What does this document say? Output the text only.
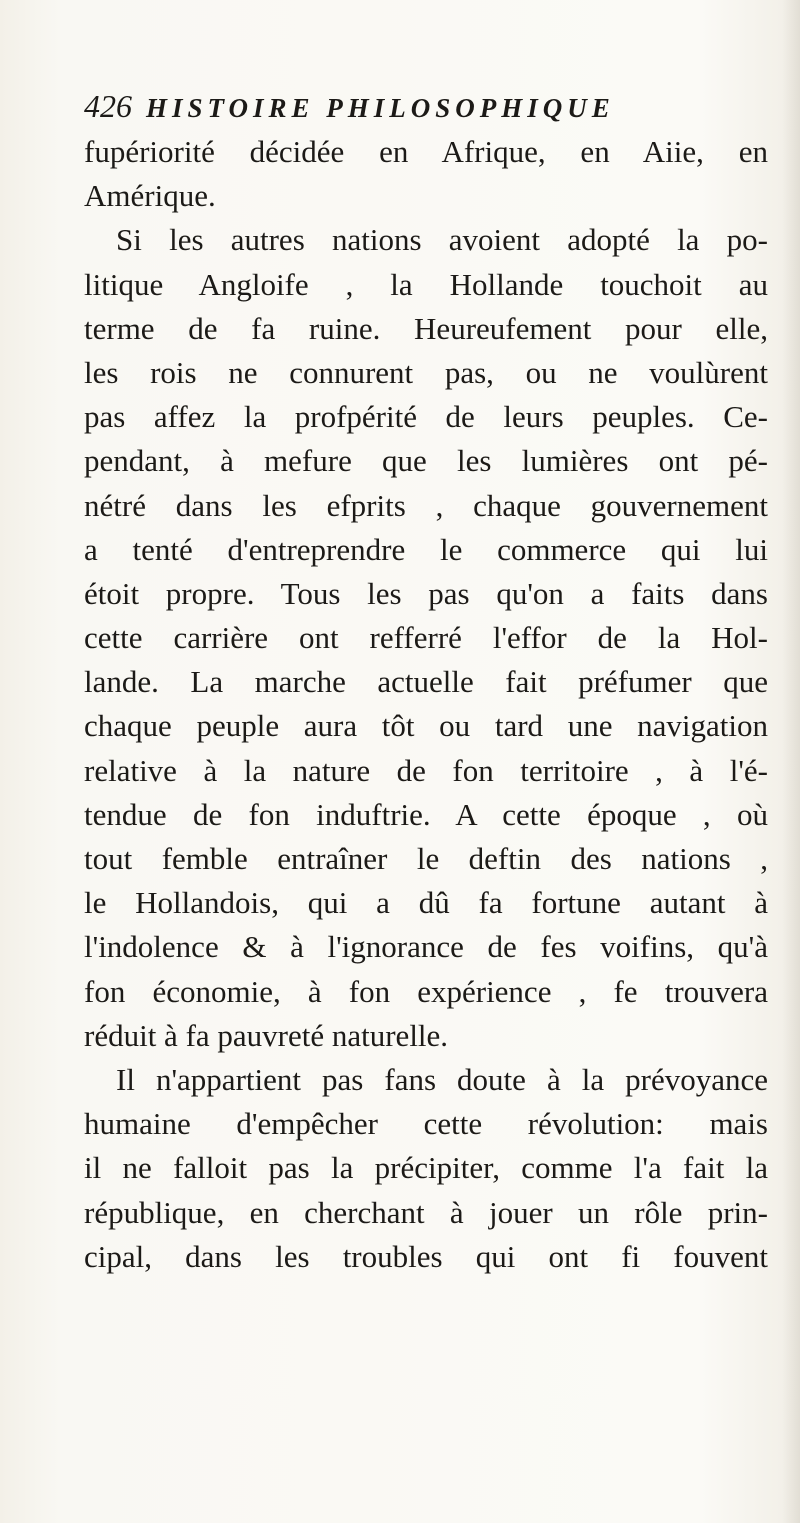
426 HISTOIRE PHILOSOPHIQUE
fupériorité décidée en Afrique, en Aiie, en
Amérique.
Si les autres nations avoient adopté la po-
litique Angloife , la Hollande touchoit au
terme de fa ruine. Heureufement pour elle,
les rois ne connurent pas, ou ne voulùrent
pas affez la profpérité de leurs peuples. Ce-
pendant, à mefure que les lumières ont pé-
nétré dans les efprits , chaque gouvernement
a tenté d'entreprendre le commerce qui lui
étoit propre. Tous les pas qu'on a faits dans
cette carrière ont refferré l'effor de la Hol-
lande. La marche actuelle fait préfumer que
chaque peuple aura tôt ou tard une navigation
relative à la nature de fon territoire , à l'é-
tendue de fon induftrie. A cette époque , où
tout femble entraîner le deftin des nations ,
le Hollandois, qui a dû fa fortune autant à
l'indolence & à l'ignorance de fes voifins, qu'à
fon économie, à fon expérience , fe trouvera
réduit à fa pauvreté naturelle.
Il n'appartient pas fans doute à la prévoyance
humaine d'empêcher cette révolution: mais
il ne falloit pas la précipiter, comme l'a fait la
république, en cherchant à jouer un rôle prin-
cipal, dans les troubles qui ont fi fouvent
